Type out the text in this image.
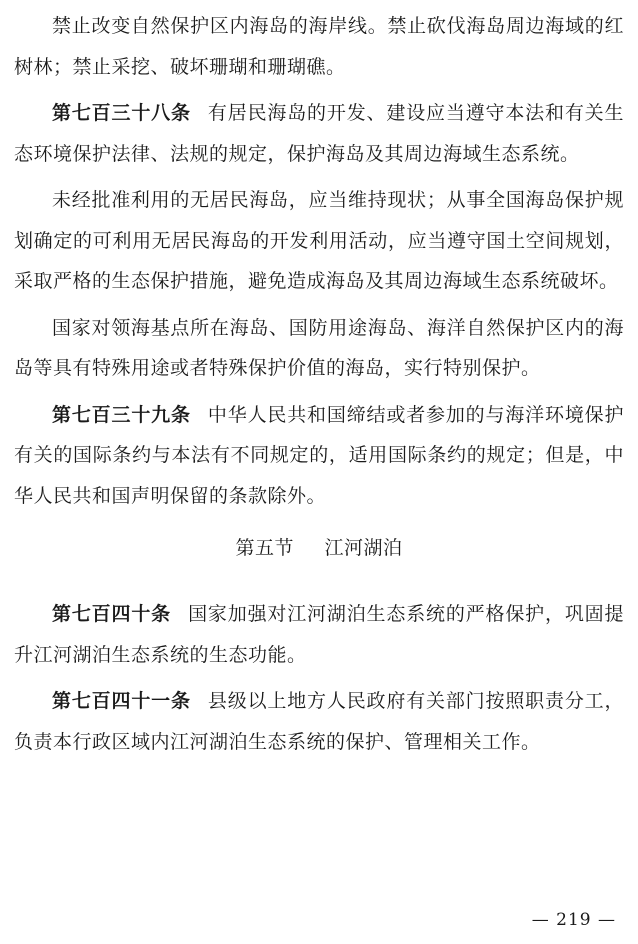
禁止改变自然保护区内海岛的海岸线。禁止砍伐海岛周边海域的红树林；禁止采挖、破坏珊瑚和珊瑚礁。

第七百三十八条 有居民海岛的开发、建设应当遵守本法和有关生态环境保护法律、法规的规定，保护海岛及其周边海域生态系统。

未经批准利用的无居民海岛，应当维持现状；从事全国海岛保护规划确定的可利用无居民海岛的开发利用活动，应当遵守国土空间规划，采取严格的生态保护措施，避免造成海岛及其周边海域生态系统破坏。

国家对领海基点所在海岛、国防用途海岛、海洋自然保护区内的海岛等具有特殊用途或者特殊保护价值的海岛，实行特别保护。

第七百三十九条 中华人民共和国缔结或者参加的与海洋环境保护有关的国际条约与本法有不同规定的，适用国际条约的规定；但是，中华人民共和国声明保留的条款除外。

第五节 江河湖泊

第七百四十条 国家加强对江河湖泊生态系统的严格保护，巩固提升江河湖泊生态系统的生态功能。

第七百四十一条 县级以上地方人民政府有关部门按照职责分工，负责本行政区域内江河湖泊生态系统的保护、管理相关工作。

— 219 —
